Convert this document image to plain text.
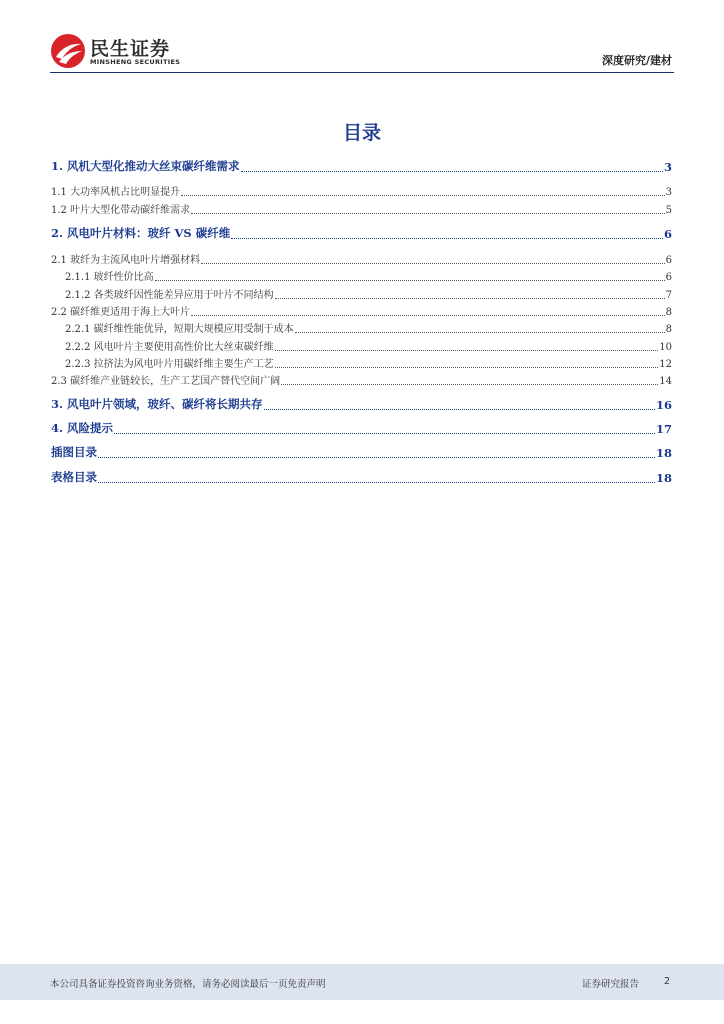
民生证券
MINSHENG SECURITIES	深度研究/建材
目录
1. 风机大型化推动大丝束碳纤维需求	3
1.1 大功率风机占比明显提升	3
1.2 叶片大型化带动碳纤维需求	5
2. 风电叶片材料：玻纤 VS 碳纤维	6
2.1 玻纤为主流风电叶片增强材料	6
2.1.1 玻纤性价比高	6
2.1.2 各类玻纤因性能差异应用于叶片不同结构	7
2.2 碳纤维更适用于海上大叶片	8
2.2.1 碳纤维性能优异，短期大规模应用受制于成本	8
2.2.2 风电叶片主要使用高性价比大丝束碳纤维	10
2.2.3 拉挤法为风电叶片用碳纤维主要生产工艺	12
2.3 碳纤维产业链较长，生产工艺国产替代空间广阔	14
3. 风电叶片领域，玻纤、碳纤将长期共存	16
4. 风险提示	17
插图目录	18
表格目录	18
本公司具备证券投资咨询业务资格，请务必阅读最后一页免责声明	证券研究报告	2
